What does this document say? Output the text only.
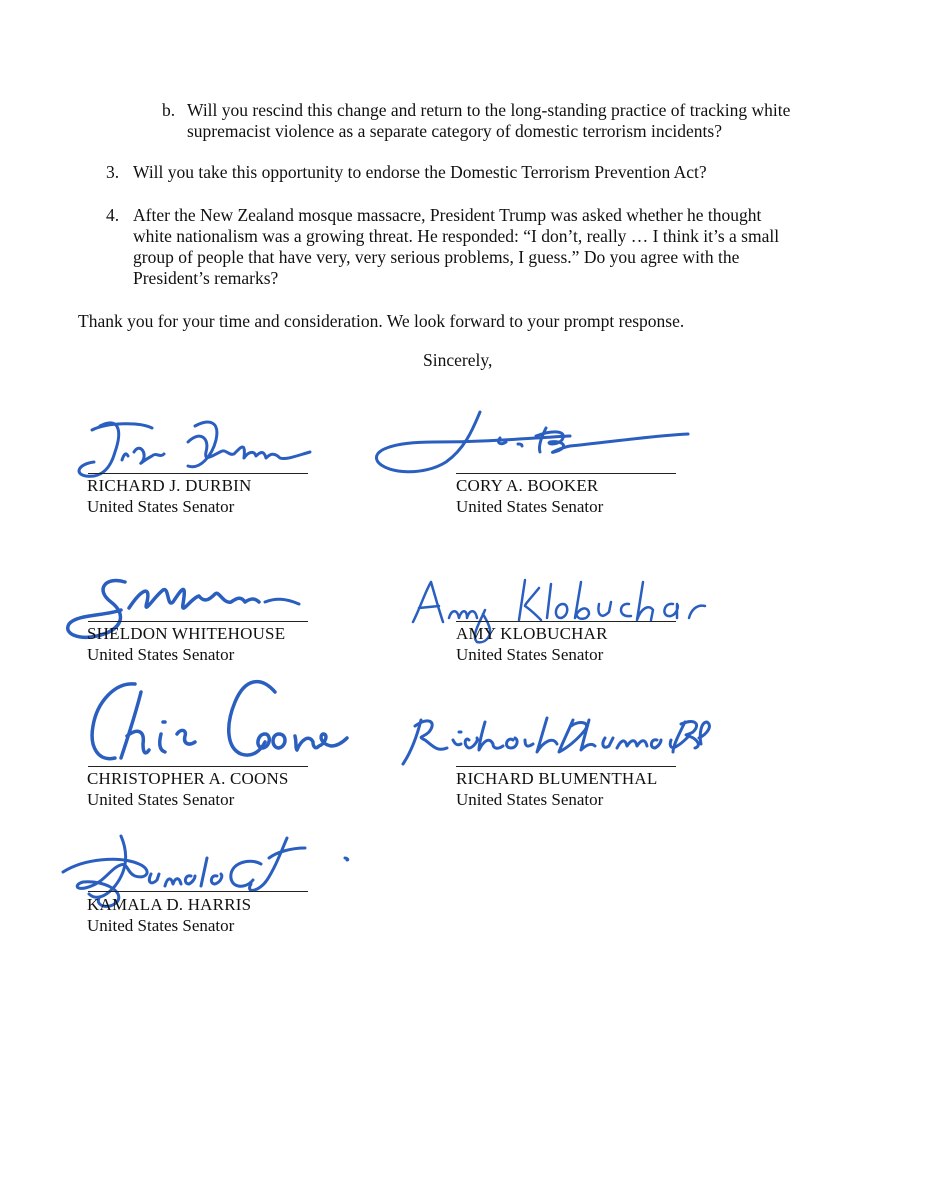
b. Will you rescind this change and return to the long-standing practice of tracking white
supremacist violence as a separate category of domestic terrorism incidents?
3. Will you take this opportunity to endorse the Domestic Terrorism Prevention Act?
4. After the New Zealand mosque massacre, President Trump was asked whether he thought
white nationalism was a growing threat. He responded: “I don’t, really … I think it’s a small
group of people that have very, very serious problems, I guess.” Do you agree with the
President’s remarks?
Thank you for your time and consideration. We look forward to your prompt response.
Sincerely,
RICHARD J. DURBIN
United States Senator
CORY A. BOOKER
United States Senator
SHELDON WHITEHOUSE
United States Senator
AMY KLOBUCHAR
United States Senator
CHRISTOPHER A. COONS
United States Senator
RICHARD BLUMENTHAL
United States Senator
KAMALA D. HARRIS
United States Senator
